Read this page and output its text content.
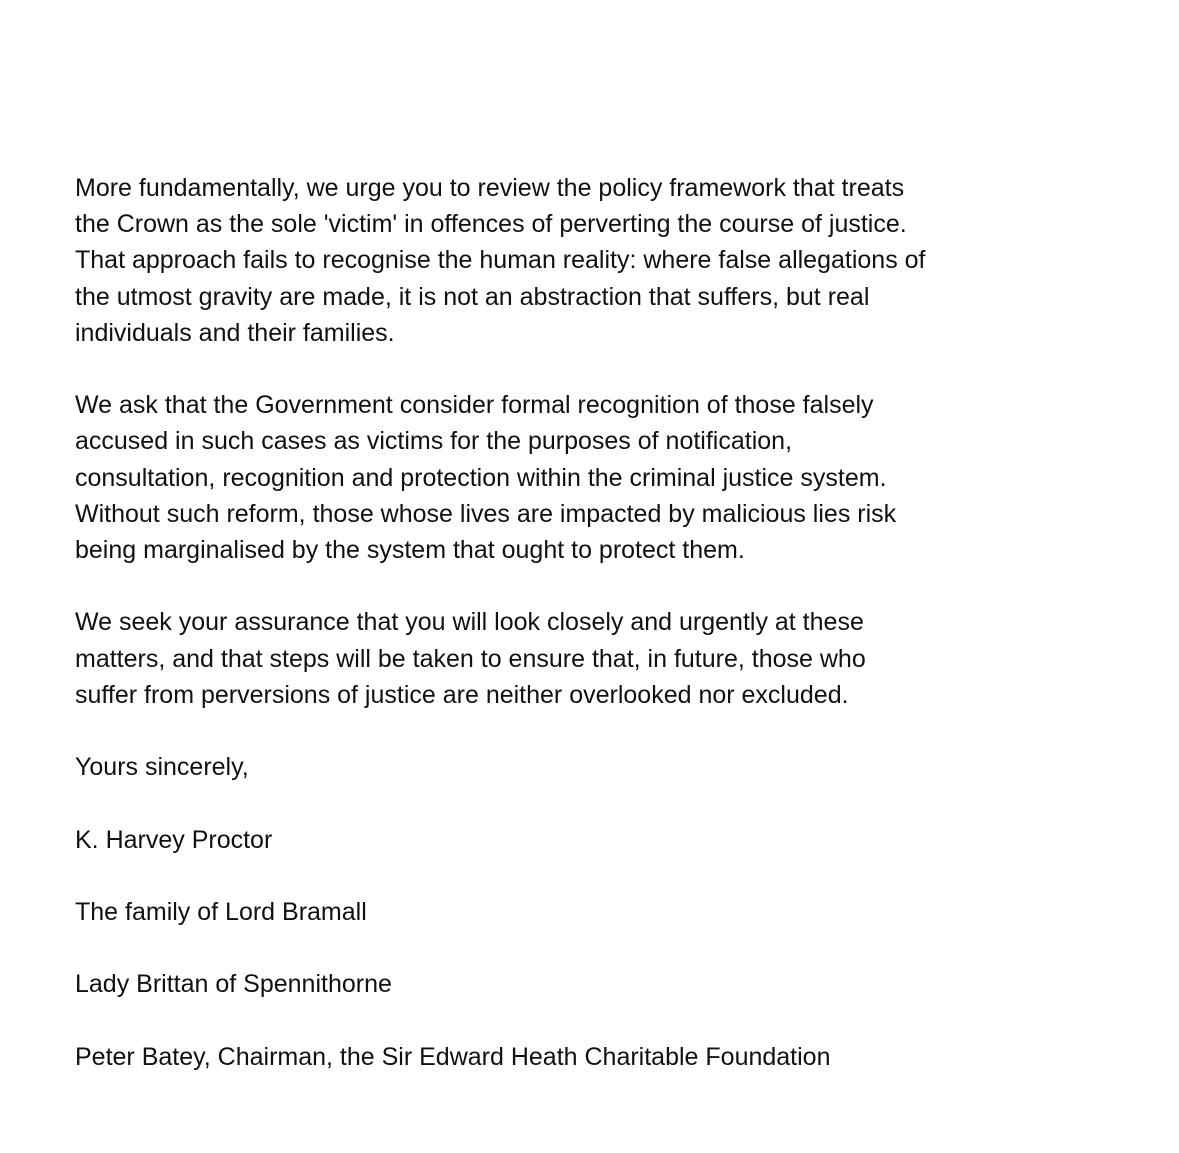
More fundamentally, we urge you to review the policy framework that treats
the Crown as the sole 'victim' in offences of perverting the course of justice.
That approach fails to recognise the human reality: where false allegations of
the utmost gravity are made, it is not an abstraction that suffers, but real
individuals and their families.

We ask that the Government consider formal recognition of those falsely
accused in such cases as victims for the purposes of notification,
consultation, recognition and protection within the criminal justice system.
Without such reform, those whose lives are impacted by malicious lies risk
being marginalised by the system that ought to protect them.

We seek your assurance that you will look closely and urgently at these
matters, and that steps will be taken to ensure that, in future, those who
suffer from perversions of justice are neither overlooked nor excluded.

Yours sincerely,

K. Harvey Proctor

The family of Lord Bramall

Lady Brittan of Spennithorne

Peter Batey, Chairman, the Sir Edward Heath Charitable Foundation
